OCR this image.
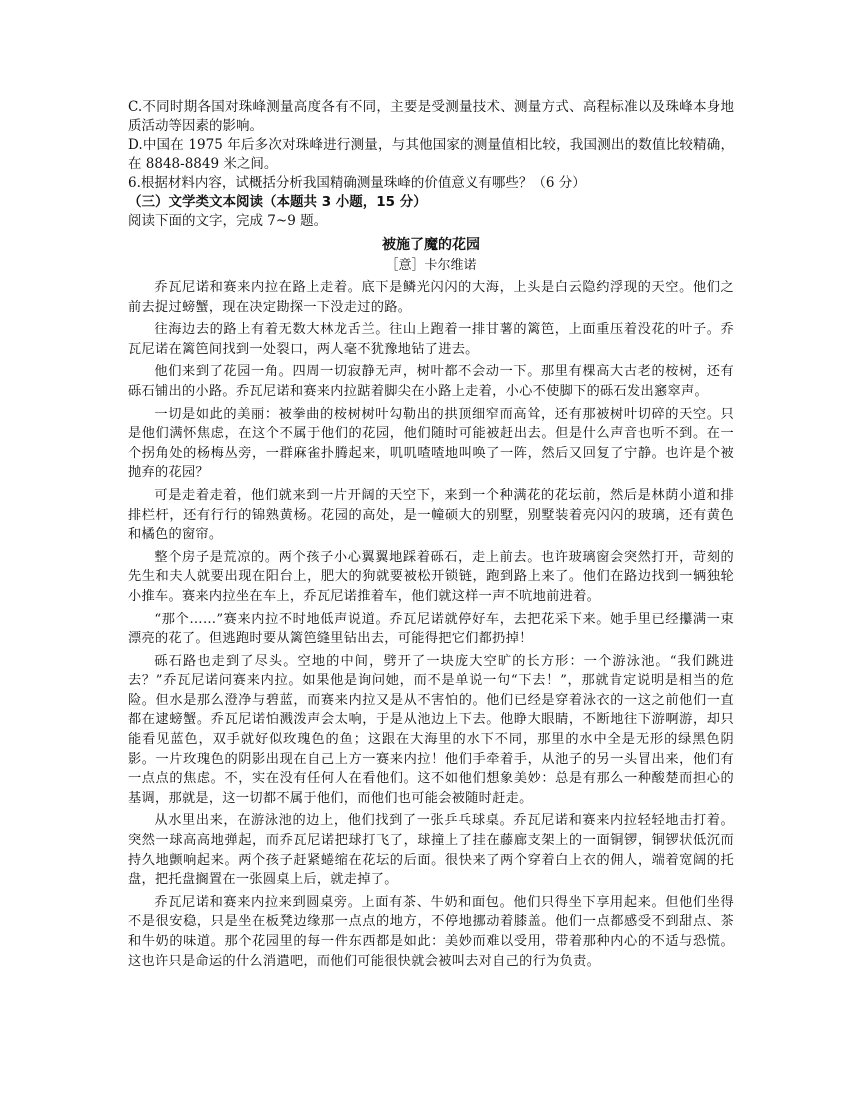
C.不同时期各国对珠峰测量高度各有不同，主要是受测量技术、测量方式、高程标准以及珠峰本身地质活动等因素的影响。

D.中国在 1975 年后多次对珠峰进行测量，与其他国家的测量值相比较，我国测出的数值比较精确，在 8848-8849 米之间。

6.根据材料内容，试概括分析我国精确测量珠峰的价值意义有哪些？（6 分）

（三）文学类文本阅读（本题共 3 小题，15 分）

阅读下面的文字，完成 7~9 题。

被施了魔的花园

［意］卡尔维诺

乔瓦尼诺和赛来内拉在路上走着。底下是鳞光闪闪的大海，上头是白云隐约浮现的天空。他们之前去捉过螃蟹，现在决定勘探一下没走过的路。

往海边去的路上有着无数大林龙舌兰。往山上跑着一排甘薯的篱笆，上面重压着没花的叶子。乔瓦尼诺在篱笆间找到一处裂口，两人毫不犹豫地钻了进去。

他们来到了花园一角。四周一切寂静无声，树叶都不会动一下。那里有棵高大古老的桉树，还有砾石铺出的小路。乔瓦尼诺和赛来内拉踮着脚尖在小路上走着，小心不使脚下的砾石发出窸窣声。

一切是如此的美丽：被拳曲的桉树树叶勾勒出的拱顶细窄而高耸，还有那被树叶切碎的天空。只是他们满怀焦虑，在这个不属于他们的花园，他们随时可能被赶出去。但是什么声音也听不到。在一个拐角处的杨梅丛旁，一群麻雀扑腾起来，叽叽喳喳地叫唤了一阵，然后又回复了宁静。也许是个被抛弃的花园？

可是走着走着，他们就来到一片开阔的天空下，来到一个种满花的花坛前，然后是林荫小道和排排栏杆，还有行行的锦熟黄杨。花园的高处，是一幢硕大的别墅，别墅装着亮闪闪的玻璃，还有黄色和橘色的窗帘。

整个房子是荒凉的。两个孩子小心翼翼地踩着砾石，走上前去。也许玻璃窗会突然打开，苛刻的先生和夫人就要出现在阳台上，肥大的狗就要被松开锁链，跑到路上来了。他们在路边找到一辆独轮小推车。赛来内拉坐在车上，乔瓦尼诺推着车，他们就这样一声不吭地前进着。

“那个……”赛来内拉不时地低声说道。乔瓦尼诺就停好车，去把花采下来。她手里已经攥满一束漂亮的花了。但逃跑时要从篱笆缝里钻出去，可能得把它们都扔掉！

砾石路也走到了尽头。空地的中间，劈开了一块庞大空旷的长方形：一个游泳池。“我们跳进去？”乔瓦尼诺问赛来内拉。如果他是询问她，而不是单说一句“下去！”，那就肯定说明是相当的危险。但水是那么澄净与碧蓝，而赛来内拉又是从不害怕的。他们已经是穿着泳衣的一这之前他们一直都在逮螃蟹。乔瓦尼诺怕溅泼声会太响，于是从池边上下去。他睁大眼睛，不断地往下游啊游，却只能看见蓝色，双手就好似玫瑰色的鱼；这跟在大海里的水下不同，那里的水中全是无形的绿黑色阴影。一片玫瑰色的阴影出现在自己上方一赛来内拉！他们手牵着手，从池子的另一头冒出来，他们有一点点的焦虑。不，实在没有任何人在看他们。这不如他们想象美妙：总是有那么一种酸楚而担心的基调，那就是，这一切都不属于他们，而他们也可能会被随时赶走。

从水里出来，在游泳池的边上，他们找到了一张乒乓球桌。乔瓦尼诺和赛来内拉轻轻地击打着。突然一球高高地弹起，而乔瓦尼诺把球打飞了，球撞上了挂在藤廊支架上的一面铜锣，铜锣状低沉而持久地颤响起来。两个孩子赶紧蜷缩在花坛的后面。很快来了两个穿着白上衣的佣人，端着宽阔的托盘，把托盘搁置在一张圆桌上后，就走掉了。

乔瓦尼诺和赛来内拉来到圆桌旁。上面有茶、牛奶和面包。他们只得坐下享用起来。但他们坐得不是很安稳，只是坐在板凳边缘那一点点的地方，不停地挪动着膝盖。他们一点都感受不到甜点、茶和牛奶的味道。那个花园里的每一件东西都是如此：美妙而难以受用，带着那种内心的不适与恐慌。这也许只是命运的什么消遣吧，而他们可能很快就会被叫去对自己的行为负责。
